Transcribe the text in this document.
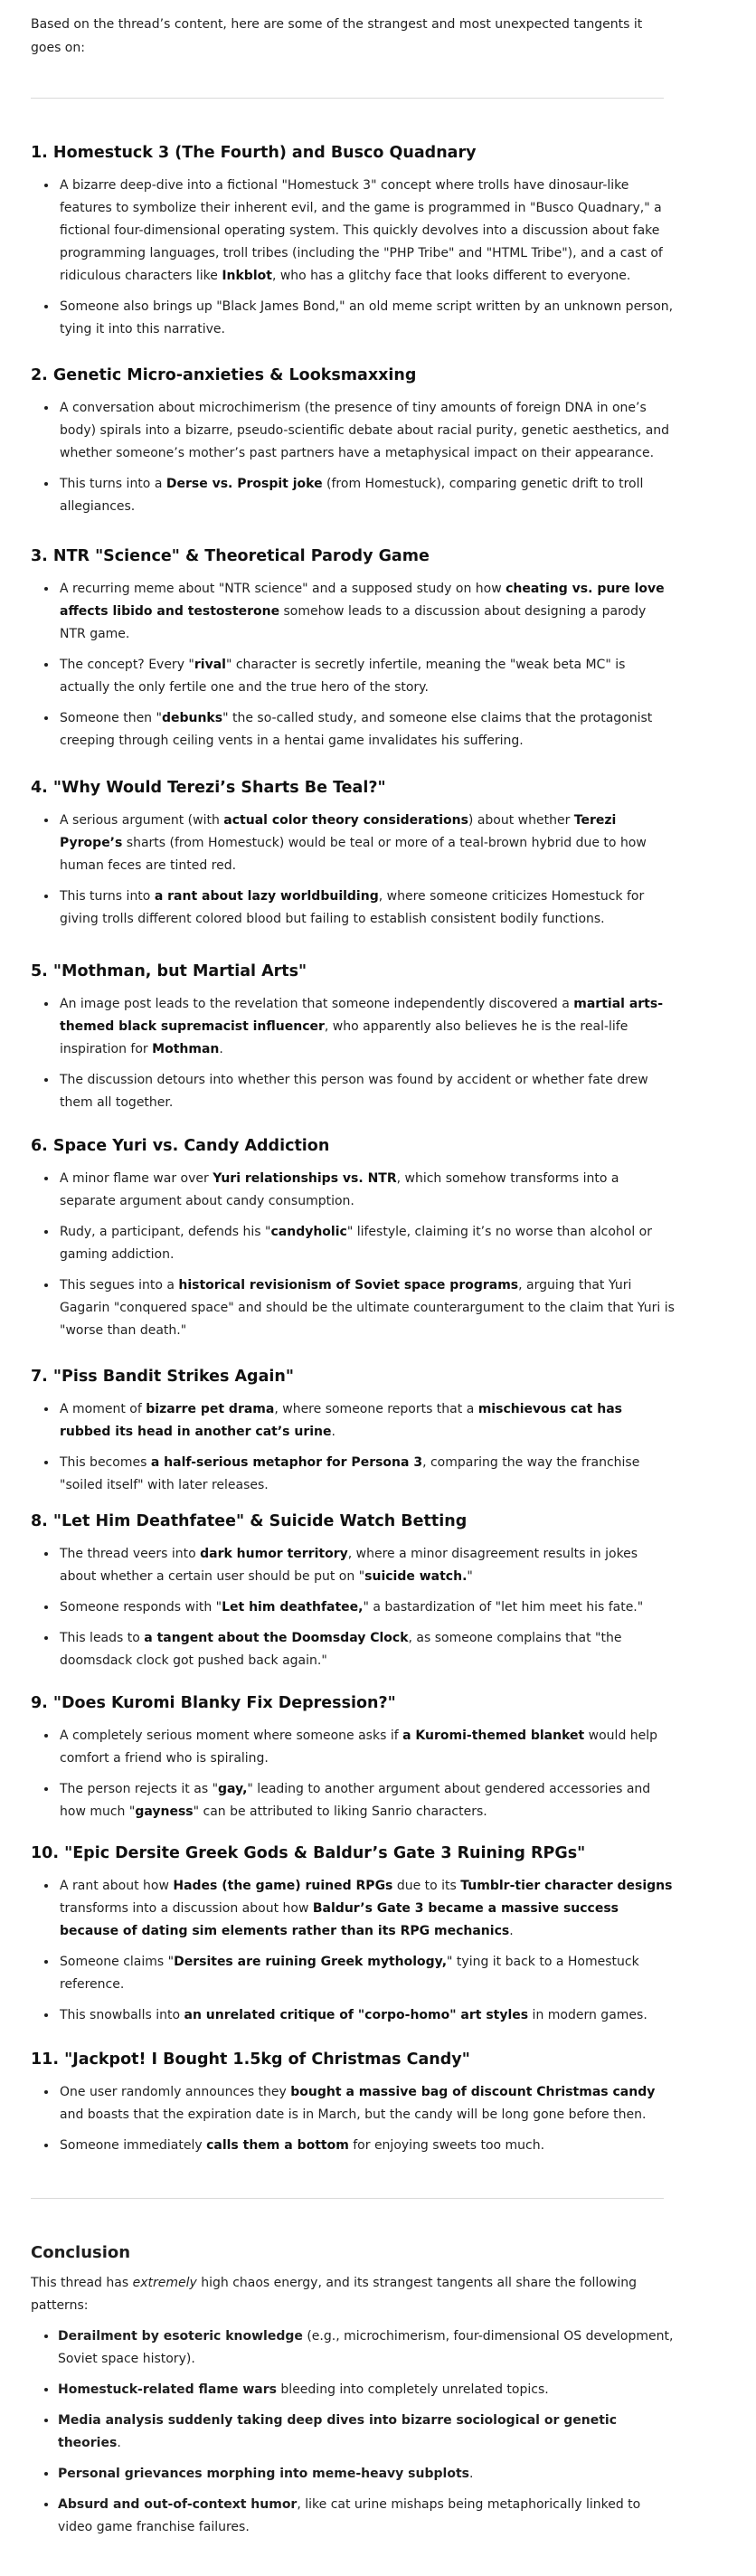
Based on the thread’s content, here are some of the strangest and most unexpected tangents it goes on:

1. Homestuck 3 (The Fourth) and Busco Quadnary
• A bizarre deep-dive into a fictional "Homestuck 3" concept where trolls have dinosaur-like features to symbolize their inherent evil, and the game is programmed in "Busco Quadnary," a fictional four-dimensional operating system. This quickly devolves into a discussion about fake programming languages, troll tribes (including the "PHP Tribe" and "HTML Tribe"), and a cast of ridiculous characters like Inkblot, who has a glitchy face that looks different to everyone.
• Someone also brings up "Black James Bond," an old meme script written by an unknown person, tying it into this narrative.
2. Genetic Micro-anxieties & Looksmaxxing
• A conversation about microchimerism (the presence of tiny amounts of foreign DNA in one’s body) spirals into a bizarre, pseudo-scientific debate about racial purity, genetic aesthetics, and whether someone’s mother’s past partners have a metaphysical impact on their appearance.
• This turns into a Derse vs. Prospit joke (from Homestuck), comparing genetic drift to troll allegiances.
3. NTR "Science" & Theoretical Parody Game
• A recurring meme about "NTR science" and a supposed study on how cheating vs. pure love affects libido and testosterone somehow leads to a discussion about designing a parody NTR game.
• The concept? Every "rival" character is secretly infertile, meaning the "weak beta MC" is actually the only fertile one and the true hero of the story.
• Someone then "debunks" the so-called study, and someone else claims that the protagonist creeping through ceiling vents in a hentai game invalidates his suffering.
4. "Why Would Terezi’s Sharts Be Teal?"
• A serious argument (with actual color theory considerations) about whether Terezi Pyrope’s sharts (from Homestuck) would be teal or more of a teal-brown hybrid due to how human feces are tinted red.
• This turns into a rant about lazy worldbuilding, where someone criticizes Homestuck for giving trolls different colored blood but failing to establish consistent bodily functions.
5. "Mothman, but Martial Arts"
• An image post leads to the revelation that someone independently discovered a martial arts-themed black supremacist influencer, who apparently also believes he is the real-life inspiration for Mothman.
• The discussion detours into whether this person was found by accident or whether fate drew them all together.
6. Space Yuri vs. Candy Addiction
• A minor flame war over Yuri relationships vs. NTR, which somehow transforms into a separate argument about candy consumption.
• Rudy, a participant, defends his "candyholic" lifestyle, claiming it’s no worse than alcohol or gaming addiction.
• This segues into a historical revisionism of Soviet space programs, arguing that Yuri Gagarin "conquered space" and should be the ultimate counterargument to the claim that Yuri is "worse than death."
7. "Piss Bandit Strikes Again"
• A moment of bizarre pet drama, where someone reports that a mischievous cat has rubbed its head in another cat’s urine.
• This becomes a half-serious metaphor for Persona 3, comparing the way the franchise "soiled itself" with later releases.
8. "Let Him Deathfatee" & Suicide Watch Betting
• The thread veers into dark humor territory, where a minor disagreement results in jokes about whether a certain user should be put on "suicide watch."
• Someone responds with "Let him deathfatee," a bastardization of "let him meet his fate."
• This leads to a tangent about the Doomsday Clock, as someone complains that "the doomsdack clock got pushed back again."
9. "Does Kuromi Blanky Fix Depression?"
• A completely serious moment where someone asks if a Kuromi-themed blanket would help comfort a friend who is spiraling.
• The person rejects it as "gay," leading to another argument about gendered accessories and how much "gayness" can be attributed to liking Sanrio characters.
10. "Epic Dersite Greek Gods & Baldur’s Gate 3 Ruining RPGs"
• A rant about how Hades (the game) ruined RPGs due to its Tumblr-tier character designs transforms into a discussion about how Baldur’s Gate 3 became a massive success because of dating sim elements rather than its RPG mechanics.
• Someone claims "Dersites are ruining Greek mythology," tying it back to a Homestuck reference.
• This snowballs into an unrelated critique of "corpo-homo" art styles in modern games.
11. "Jackpot! I Bought 1.5kg of Christmas Candy"
• One user randomly announces they bought a massive bag of discount Christmas candy and boasts that the expiration date is in March, but the candy will be long gone before then.
• Someone immediately calls them a bottom for enjoying sweets too much.
Conclusion

This thread has extremely high chaos energy, and its strangest tangents all share the following patterns:

• Derailment by esoteric knowledge (e.g., microchimerism, four-dimensional OS development, Soviet space history).
• Homestuck-related flame wars bleeding into completely unrelated topics.
• Media analysis suddenly taking deep dives into bizarre sociological or genetic theories.
• Personal grievances morphing into meme-heavy subplots.
• Absurd and out-of-context humor, like cat urine mishaps being metaphorically linked to video game franchise failures.
